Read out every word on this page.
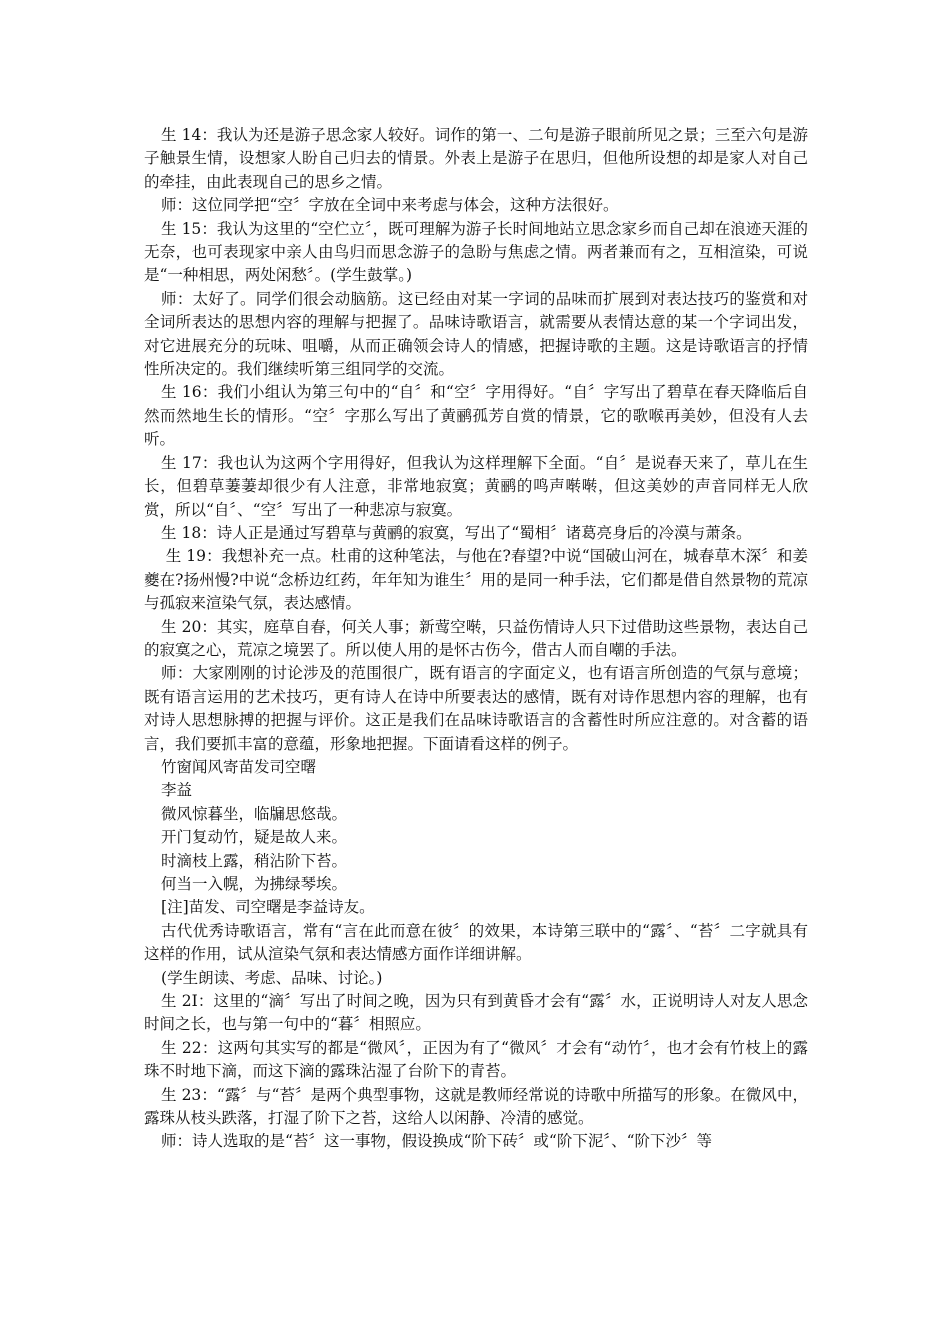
生 14：我认为还是游子思念家人较好。词作的第一、二句是游子眼前所见之景；三至六句是游子触景生情，设想家人盼自己归去的情景。外表上是游子在思归，但他所设想的却是家人对自己的牵挂，由此表现自己的思乡之情。

师：这位同学把“空〞字放在全词中来考虑与体会，这种方法很好。

生 15：我认为这里的“空伫立〞，既可理解为游子长时间地站立思念家乡而自己却在浪迹天涯的无奈，也可表现家中亲人由鸟归而思念游子的急盼与焦虑之情。两者兼而有之，互相渲染，可说是“一种相思，两处闲愁〞。(学生鼓掌。)

师：太好了。同学们很会动脑筋。这已经由对某一字词的品味而扩展到对表达技巧的鉴赏和对全词所表达的思想内容的理解与把握了。品味诗歌语言，就需要从表情达意的某一个字词出发，对它进展充分的玩味、咀嚼，从而正确领会诗人的情感，把握诗歌的主题。这是诗歌语言的抒情性所决定的。我们继续听第三组同学的交流。

生 16：我们小组认为第三句中的“自〞和“空〞字用得好。“自〞字写出了碧草在春天降临后自然而然地生长的情形。“空〞字那么写出了黄鹂孤芳自赏的情景，它的歌喉再美妙，但没有人去听。

生 17：我也认为这两个字用得好，但我认为这样理解下全面。“自〞是说春天来了，草儿在生长，但碧草萋萋却很少有人注意，非常地寂寞；黄鹂的鸣声啭啭，但这美妙的声音同样无人欣赏，所以“自〞、“空〞写出了一种悲凉与寂寞。

生 18：诗人正是通过写碧草与黄鹂的寂寞，写出了“蜀相〞诸葛亮身后的冷漠与萧条。

生 19：我想补充一点。杜甫的这种笔法，与他在?春望?中说“国破山河在，城春草木深〞和姜夔在?扬州慢?中说“念桥边红药，年年知为谁生〞用的是同一种手法，它们都是借自然景物的荒凉与孤寂来渲染气氛，表达感情。

生 20：其实，庭草自春，何关人事；新莺空啭，只益伤情诗人只下过借助这些景物，表达自己的寂寞之心，荒凉之境罢了。所以使人用的是怀古伤今，借古人而自嘲的手法。

师：大家刚刚的讨论涉及的范围很广，既有语言的字面定义，也有语言所创造的气氛与意境；既有语言运用的艺术技巧，更有诗人在诗中所要表达的感情，既有对诗作思想内容的理解，也有对诗人思想脉搏的把握与评价。这正是我们在品味诗歌语言的含蓄性时所应注意的。对含蓄的语言，我们要抓丰富的意蕴，形象地把握。下面请看这样的例子。

竹窗闻风寄苗发司空曙

李益

微风惊暮坐，临牖思悠哉。

开门复动竹，疑是故人来。

时滴枝上露，稍沾阶下苔。

何当一入幌，为拂绿琴埃。

[注]苗发、司空曙是李益诗友。

古代优秀诗歌语言，常有“言在此而意在彼〞的效果，本诗第三联中的“露〞、“苔〞二字就具有这样的作用，试从渲染气氛和表达情感方面作详细讲解。

(学生朗读、考虑、品味、讨论。)

生 2I：这里的“滴〞写出了时间之晚，因为只有到黄昏才会有“露〞水，正说明诗人对友人思念时间之长，也与第一句中的“暮〞相照应。

生 22：这两句其实写的都是“微风〞，正因为有了“微风〞才会有“动竹〞，也才会有竹枝上的露珠不时地下滴，而这下滴的露珠沾湿了台阶下的青苔。

生 23：“露〞与“苔〞是两个典型事物，这就是教师经常说的诗歌中所描写的形象。在微风中，露珠从枝头跌落，打湿了阶下之苔，这给人以闲静、冷清的感觉。

师：诗人选取的是“苔〞这一事物，假设换成“阶下砖〞或“阶下泥〞、“阶下沙〞等
